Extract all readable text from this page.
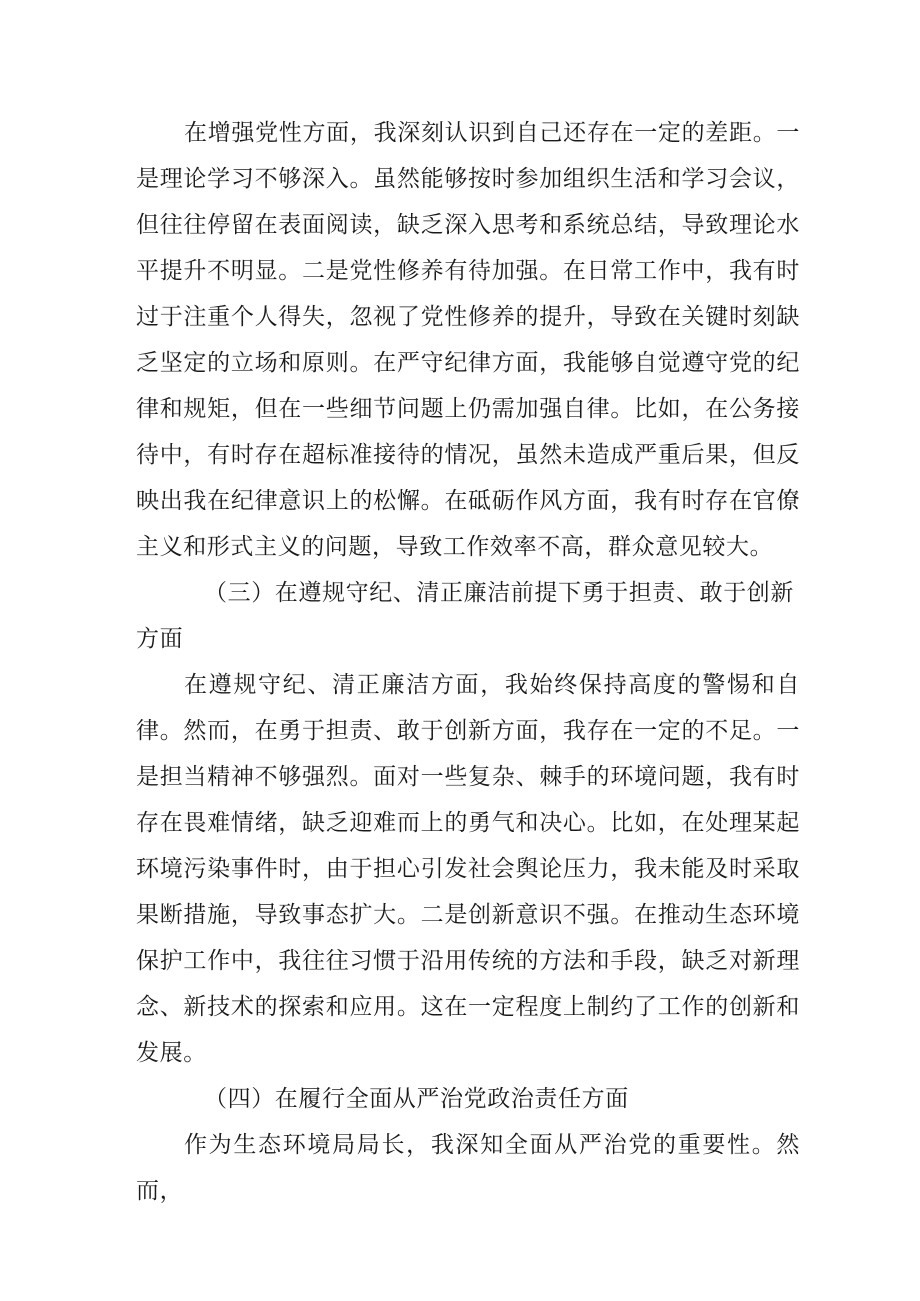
在增强党性方面，我深刻认识到自己还存在一定的差距。一是理论学习不够深入。虽然能够按时参加组织生活和学习会议，但往往停留在表面阅读，缺乏深入思考和系统总结，导致理论水平提升不明显。二是党性修养有待加强。在日常工作中，我有时过于注重个人得失，忽视了党性修养的提升，导致在关键时刻缺乏坚定的立场和原则。在严守纪律方面，我能够自觉遵守党的纪律和规矩，但在一些细节问题上仍需加强自律。比如，在公务接待中，有时存在超标准接待的情况，虽然未造成严重后果，但反映出我在纪律意识上的松懈。在砥砺作风方面，我有时存在官僚主义和形式主义的问题，导致工作效率不高，群众意见较大。

（三）在遵规守纪、清正廉洁前提下勇于担责、敢于创新方面

在遵规守纪、清正廉洁方面，我始终保持高度的警惕和自律。然而，在勇于担责、敢于创新方面，我存在一定的不足。一是担当精神不够强烈。面对一些复杂、棘手的环境问题，我有时存在畏难情绪，缺乏迎难而上的勇气和决心。比如，在处理某起环境污染事件时，由于担心引发社会舆论压力，我未能及时采取果断措施，导致事态扩大。二是创新意识不强。在推动生态环境保护工作中，我往往习惯于沿用传统的方法和手段，缺乏对新理念、新技术的探索和应用。这在一定程度上制约了工作的创新和发展。

（四）在履行全面从严治党政治责任方面

作为生态环境局局长，我深知全面从严治党的重要性。然而，
